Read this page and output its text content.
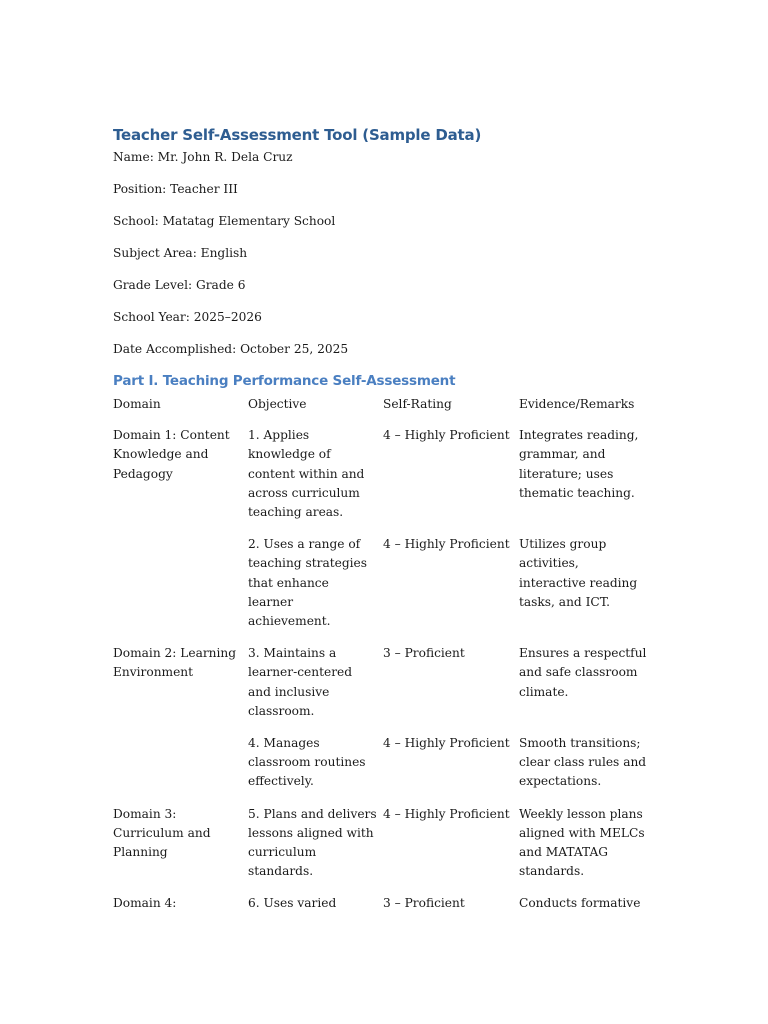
Teacher Self-Assessment Tool (Sample Data)

Name: Mr. John R. Dela Cruz

Position: Teacher III

School: Matatag Elementary School

Subject Area: English

Grade Level: Grade 6

School Year: 2025–2026

Date Accomplished: October 25, 2025

Part I. Teaching Performance Self-Assessment
Domain	Objective	Self-Rating	Evidence/Remarks
Domain 1: Content Knowledge and Pedagogy	1. Applies knowledge of content within and across curriculum teaching areas.	4 – Highly Proficient	Integrates reading, grammar, and literature; uses thematic teaching.
	2. Uses a range of teaching strategies that enhance learner achievement.	4 – Highly Proficient	Utilizes group activities, interactive reading tasks, and ICT.
Domain 2: Learning Environment	3. Maintains a learner-centered and inclusive classroom.	3 – Proficient	Ensures a respectful and safe classroom climate.
	4. Manages classroom routines effectively.	4 – Highly Proficient	Smooth transitions; clear class rules and expectations.
Domain 3: Curriculum and Planning	5. Plans and delivers lessons aligned with curriculum standards.	4 – Highly Proficient	Weekly lesson plans aligned with MELCs and MATATAG standards.
Domain 4:	6. Uses varied	3 – Proficient	Conducts formative
